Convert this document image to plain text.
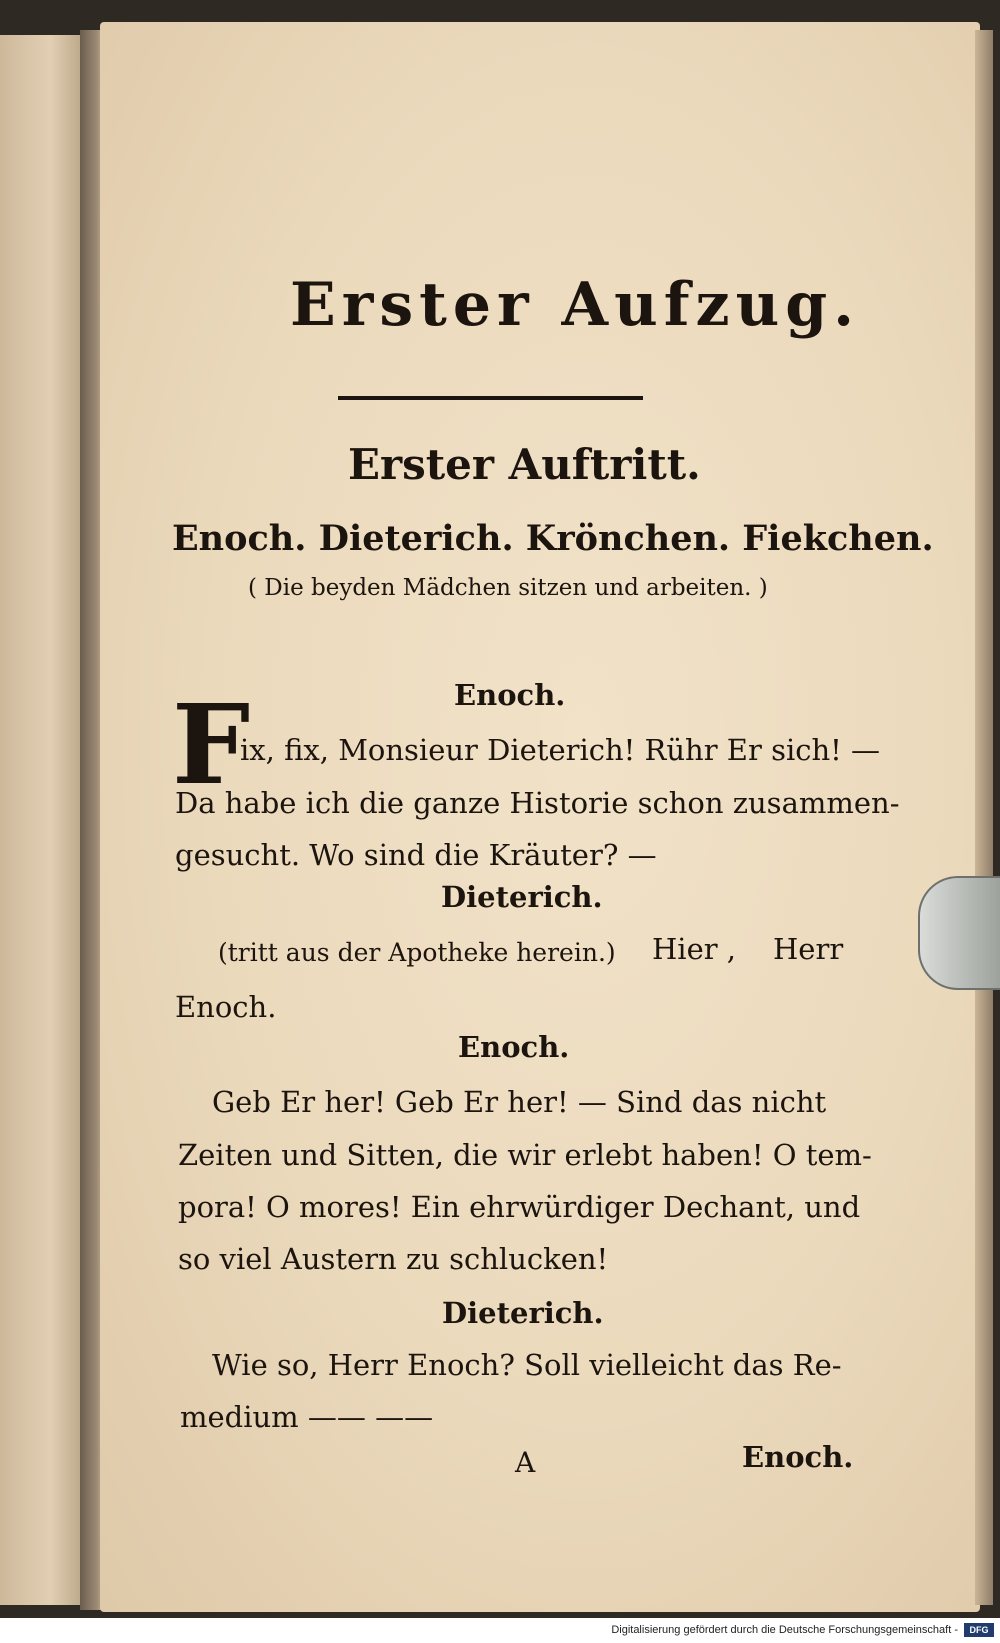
Erster Aufzug.
Erster Auftritt.
Enoch. Dieterich. Krönchen. Fiekchen.
( Die beyden Mädchen sitzen und arbeiten. )
Enoch.
F
ix, fix, Monsieur Dieterich! Rühr Er sich! —
Da habe ich die ganze Historie schon zusammen-
gesucht. Wo sind die Kräuter? —
Dieterich.
(tritt aus der Apotheke herein.) Hier , Herr
Enoch.
Enoch.
Geb Er her! Geb Er her! — Sind das nicht
Zeiten und Sitten, die wir erlebt haben! O tem-
pora! O mores! Ein ehrwürdiger Dechant, und
so viel Austern zu schlucken!
Dieterich.
Wie so, Herr Enoch? Soll vielleicht das Re-
medium —— ——
A	Enoch.
Digitalisierung gefördert durch die Deutsche Forschungsgemeinschaft -	DFG
